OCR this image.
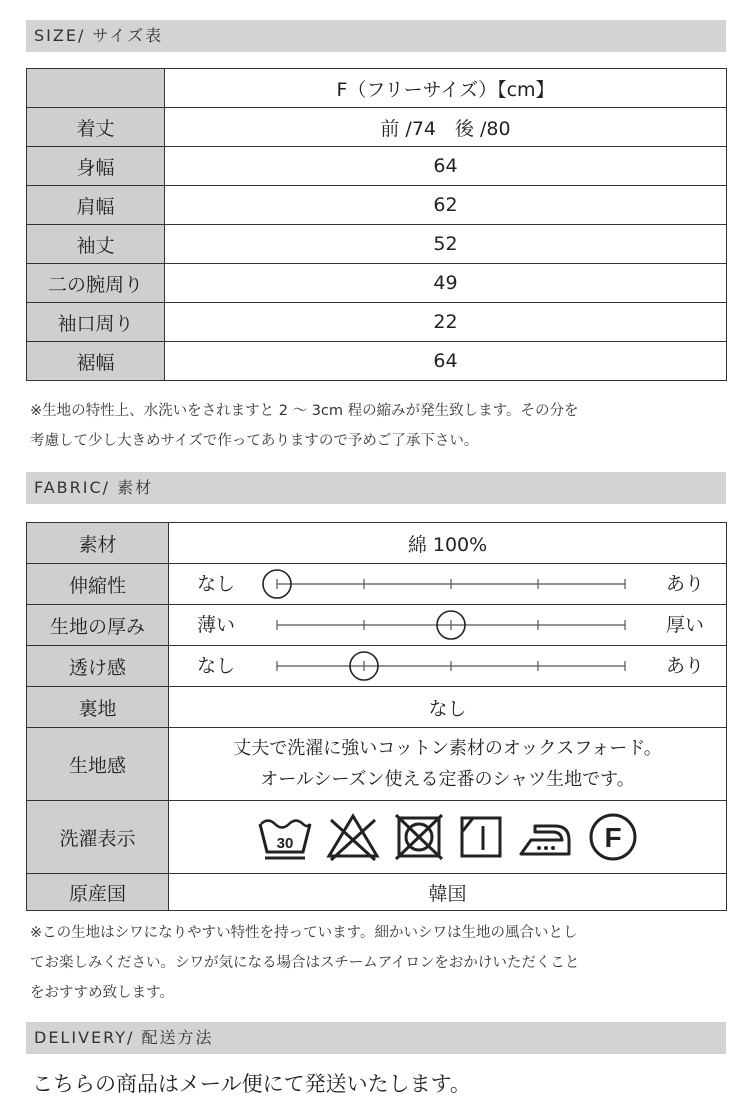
SIZE/ サイズ表
	F（フリーサイズ）【cm】
着丈	前 /74　後 /80
身幅	64
肩幅	62
袖丈	52
二の腕周り	49
袖口周り	22
裾幅	64
※生地の特性上、水洗いをされますと 2 ～ 3cm 程の縮みが発生致します。その分を
考慮して少し大きめサイズで作ってありますので予めご了承下さい。
FABRIC/ 素材
素材	綿 100%
伸縮性	なし あり

生地の厚み	薄い 厚い

透け感	なし あり

裏地	なし
生地感	丈夫で洗濯に強いコットン素材のオックスフォード。
オールシーズン使える定番のシャツ生地です。

洗濯表示	30 F

原産国	韓国
※この生地はシワになりやすい特性を持っています。細かいシワは生地の風合いとし
てお楽しみください。シワが気になる場合はスチームアイロンをおかけいただくこと
をおすすめ致します。
DELIVERY/ 配送方法
こちらの商品はメール便にて発送いたします。
